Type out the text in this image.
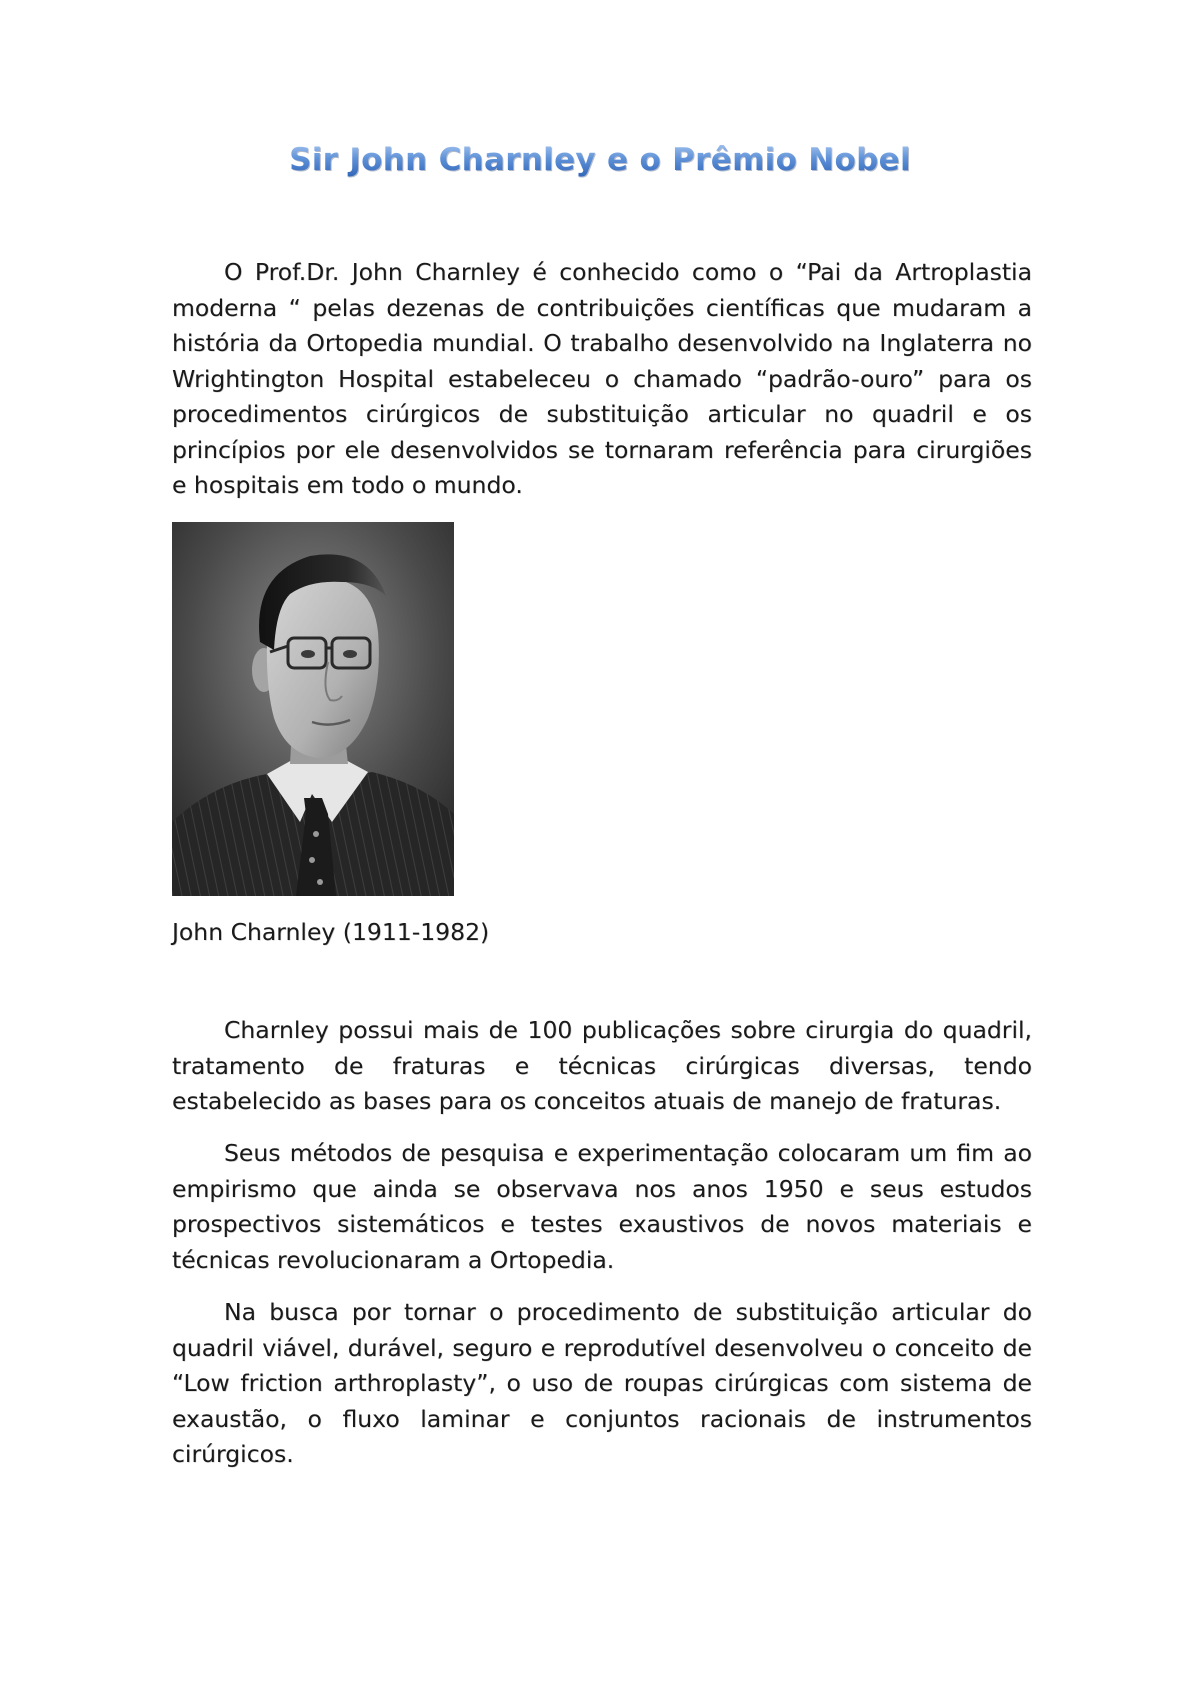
Sir John Charnley e o Prêmio Nobel

O Prof.Dr. John Charnley é conhecido como o “Pai da Artroplastia moderna “ pelas dezenas de contribuições científicas que mudaram a história da Ortopedia mundial. O trabalho desenvolvido na Inglaterra no Wrightington Hospital estabeleceu o chamado “padrão-ouro” para os procedimentos cirúrgicos de substituição articular no quadril e os princípios por ele desenvolvidos se tornaram referência para cirurgiões e hospitais em todo o mundo.

John Charnley (1911-1982)

Charnley possui mais de 100 publicações sobre cirurgia do quadril, tratamento de fraturas e técnicas cirúrgicas diversas, tendo estabelecido as bases para os conceitos atuais de manejo de fraturas.

Seus métodos de pesquisa e experimentação colocaram um fim ao empirismo que ainda se observava nos anos 1950 e seus estudos prospectivos sistemáticos e testes exaustivos de novos materiais e técnicas revolucionaram a Ortopedia.

Na busca por tornar o procedimento de substituição articular do quadril viável, durável, seguro e reprodutível desenvolveu o conceito de “Low friction arthroplasty”, o uso de roupas cirúrgicas com sistema de exaustão, o fluxo laminar e conjuntos racionais de instrumentos cirúrgicos.
